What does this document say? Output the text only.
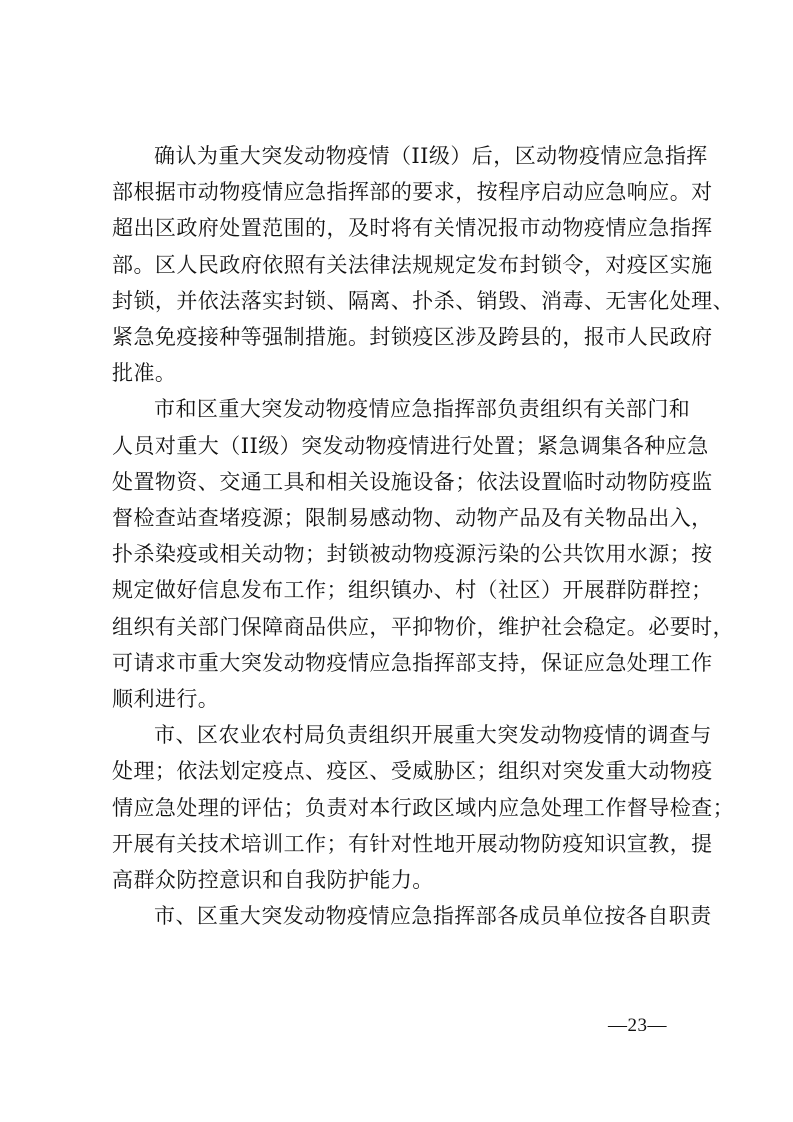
确认为重大突发动物疫情（II级）后，区动物疫情应急指挥
部根据市动物疫情应急指挥部的要求，按程序启动应急响应。对
超出区政府处置范围的，及时将有关情况报市动物疫情应急指挥
部。区人民政府依照有关法律法规规定发布封锁令，对疫区实施
封锁，并依法落实封锁、隔离、扑杀、销毁、消毒、无害化处理、
紧急免疫接种等强制措施。封锁疫区涉及跨县的，报市人民政府
批准。

市和区重大突发动物疫情应急指挥部负责组织有关部门和
人员对重大（II级）突发动物疫情进行处置；紧急调集各种应急
处置物资、交通工具和相关设施设备；依法设置临时动物防疫监
督检查站查堵疫源；限制易感动物、动物产品及有关物品出入，
扑杀染疫或相关动物；封锁被动物疫源污染的公共饮用水源；按
规定做好信息发布工作；组织镇办、村（社区）开展群防群控；
组织有关部门保障商品供应，平抑物价，维护社会稳定。必要时，
可请求市重大突发动物疫情应急指挥部支持，保证应急处理工作
顺利进行。

市、区农业农村局负责组织开展重大突发动物疫情的调查与
处理；依法划定疫点、疫区、受威胁区；组织对突发重大动物疫
情应急处理的评估；负责对本行政区域内应急处理工作督导检查；
开展有关技术培训工作；有针对性地开展动物防疫知识宣教，提
高群众防控意识和自我防护能力。

市、区重大突发动物疫情应急指挥部各成员单位按各自职责

—23—
